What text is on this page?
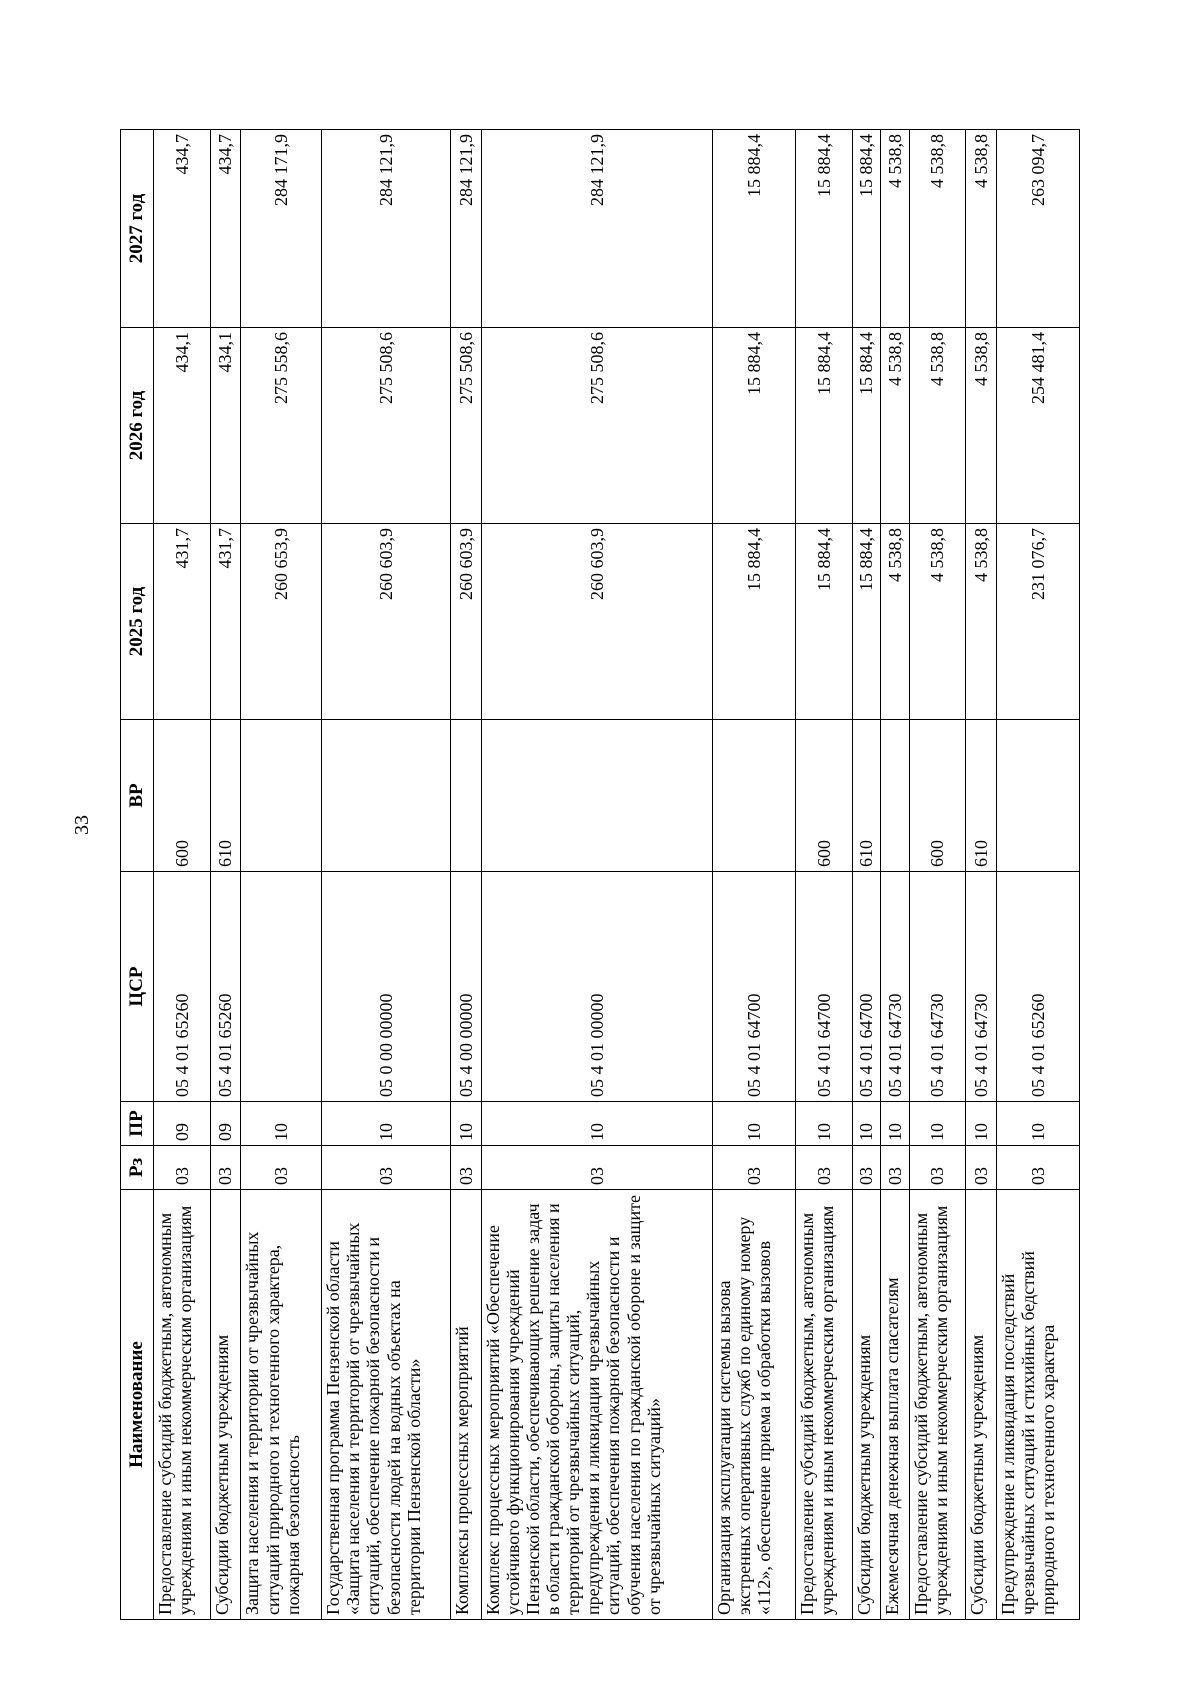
33
Наименование	Рз	ПР	ЦСР	ВР	2025 год	2026 год	2027 год
Предоставление субсидий бюджетным, автономным учреждениям и иным некоммерческим организациям	03	09	05 4 01 65260	600	431,7	434,1	434,7
Субсидии бюджетным учреждениям	03	09	05 4 01 65260	610	431,7	434,1	434,7
Защита населения и территории от чрезвычайных ситуаций природного и техногенного характера, пожарная безопасность	03	10			260 653,9	275 558,6	284 171,9
Государственная программа Пензенской области «Защита населения и территорий от чрезвычайных ситуаций, обеспечение пожарной безопасности и безопасности людей на водных объектах на территории Пензенской области»	03	10	05 0 00 00000		260 603,9	275 508,6	284 121,9
Комплексы процессных мероприятий	03	10	05 4 00 00000		260 603,9	275 508,6	284 121,9
Комплекс процессных мероприятий «Обеспечение устойчивого функционирования учреждений Пензенской области, обеспечивающих решение задач в области гражданской обороны, защиты населения и территорий от чрезвычайных ситуаций, предупреждения и ликвидации чрезвычайных ситуаций, обеспечения пожарной безопасности и обучения населения по гражданской обороне и защите от чрезвычайных ситуаций»	03	10	05 4 01 00000		260 603,9	275 508,6	284 121,9
Организация эксплуатации системы вызова экстренных оперативных служб по единому номеру «112», обеспечение приема и обработки вызовов	03	10	05 4 01 64700		15 884,4	15 884,4	15 884,4
Предоставление субсидий бюджетным, автономным учреждениям и иным некоммерческим организациям	03	10	05 4 01 64700	600	15 884,4	15 884,4	15 884,4
Субсидии бюджетным учреждениям	03	10	05 4 01 64700	610	15 884,4	15 884,4	15 884,4
Ежемесячная денежная выплата спасателям	03	10	05 4 01 64730		4 538,8	4 538,8	4 538,8
Предоставление субсидий бюджетным, автономным учреждениям и иным некоммерческим организациям	03	10	05 4 01 64730	600	4 538,8	4 538,8	4 538,8
Субсидии бюджетным учреждениям	03	10	05 4 01 64730	610	4 538,8	4 538,8	4 538,8
Предупреждение и ликвидация последствий чрезвычайных ситуаций и стихийных бедствий природного и техногенного характера	03	10	05 4 01 65260		231 076,7	254 481,4	263 094,7
